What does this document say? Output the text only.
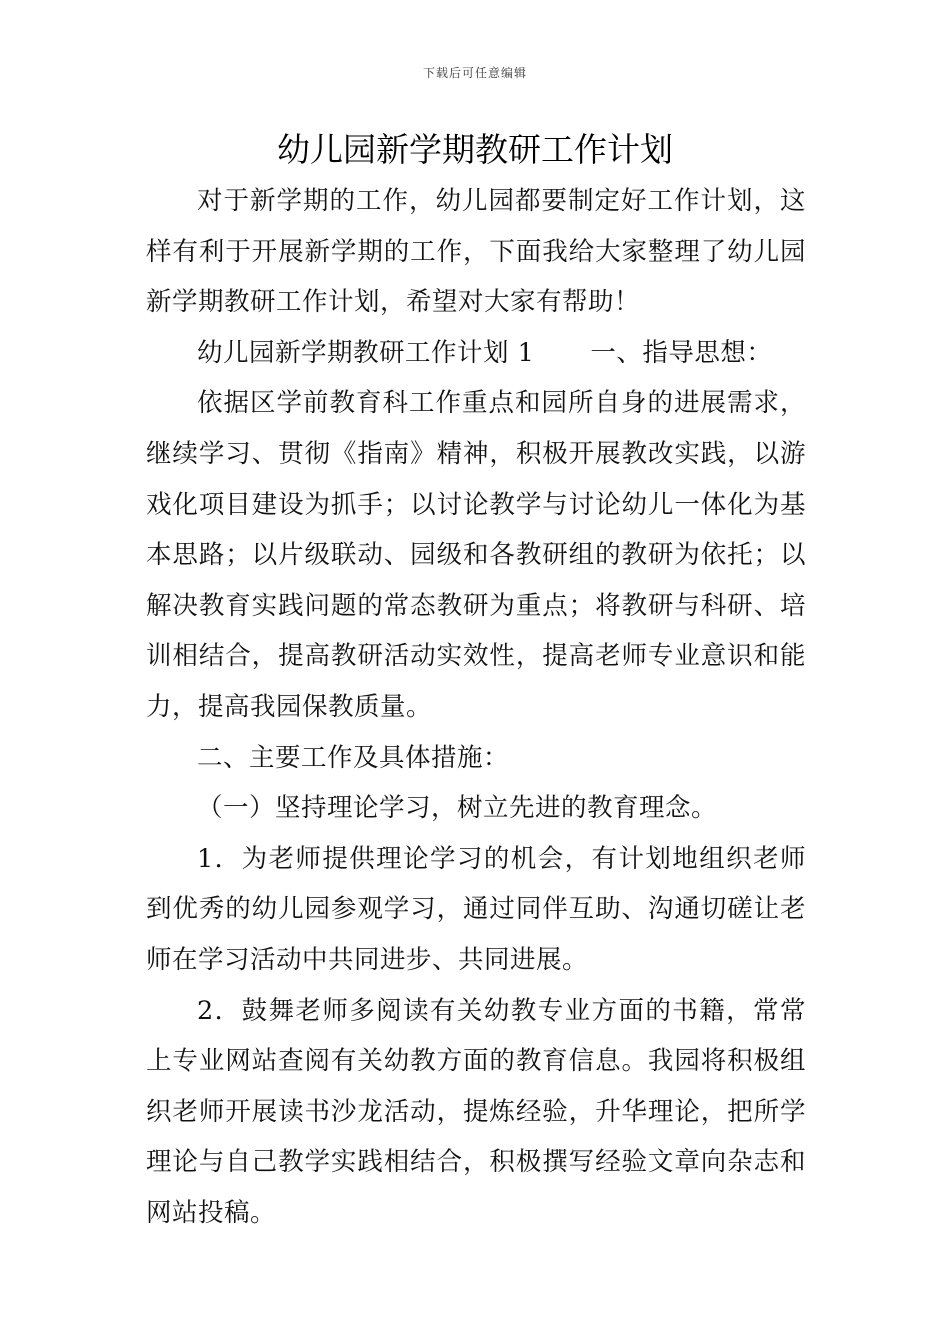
下载后可任意编辑
幼儿园新学期教研工作计划

对于新学期的工作，幼儿园都要制定好工作计划，这样有利于开展新学期的工作，下面我给大家整理了幼儿园新学期教研工作计划，希望对大家有帮助！

幼儿园新学期教研工作计划 1 一、指导思想：

依据区学前教育科工作重点和园所自身的进展需求，继续学习、贯彻《指南》精神，积极开展教改实践，以游戏化项目建设为抓手；以讨论教学与讨论幼儿一体化为基本思路；以片级联动、园级和各教研组的教研为依托；以解决教育实践问题的常态教研为重点；将教研与科研、培训相结合，提高教研活动实效性，提高老师专业意识和能力，提高我园保教质量。

二、主要工作及具体措施：

（一）坚持理论学习，树立先进的教育理念。

1．为老师提供理论学习的机会，有计划地组织老师到优秀的幼儿园参观学习，通过同伴互助、沟通切磋让老师在学习活动中共同进步、共同进展。

2．鼓舞老师多阅读有关幼教专业方面的书籍，常常上专业网站查阅有关幼教方面的教育信息。我园将积极组织老师开展读书沙龙活动，提炼经验，升华理论，把所学理论与自己教学实践相结合，积极撰写经验文章向杂志和网站投稿。
